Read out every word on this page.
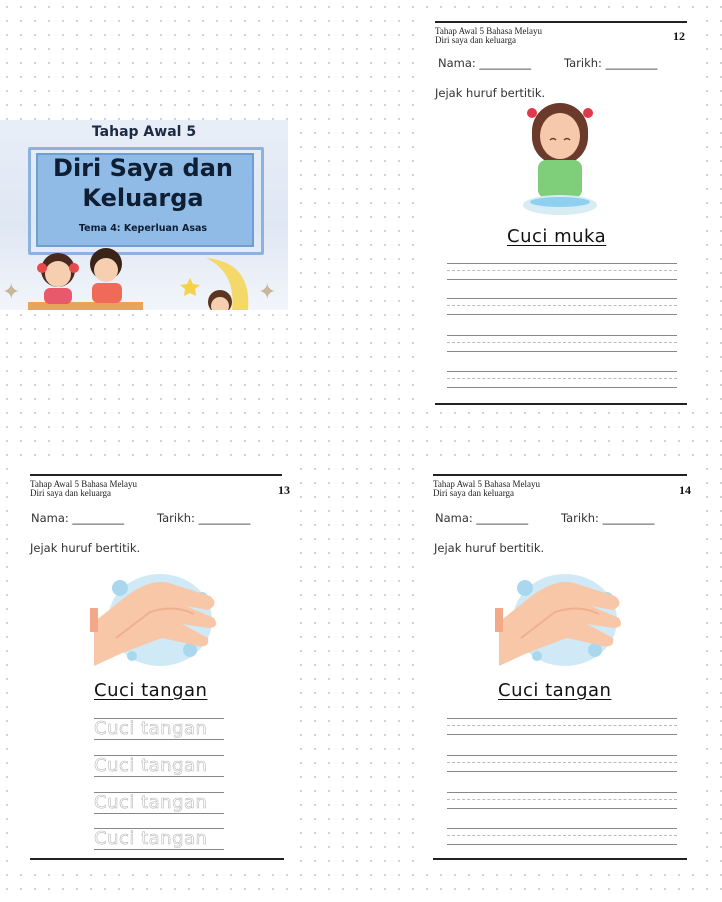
Tahap Awal 5
Diri Saya dan
Keluarga
Tema 4: Keperluan Asas
✦	✦
Tahap Awal 5 Bahasa Melayu
Diri saya dan keluarga	12
Nama: _________	Tarikh: _________
Jejak huruf bertitik.
Cuci muka
Tahap Awal 5 Bahasa Melayu
Diri saya dan keluarga	13
Nama: _________	Tarikh: _________
Jejak huruf bertitik.
Cuci tangan
Cuci tangan
Cuci tangan
Cuci tangan
Cuci tangan
Tahap Awal 5 Bahasa Melayu
Diri saya dan keluarga	14
Nama: _________	Tarikh: _________
Jejak huruf bertitik.
Cuci tangan
